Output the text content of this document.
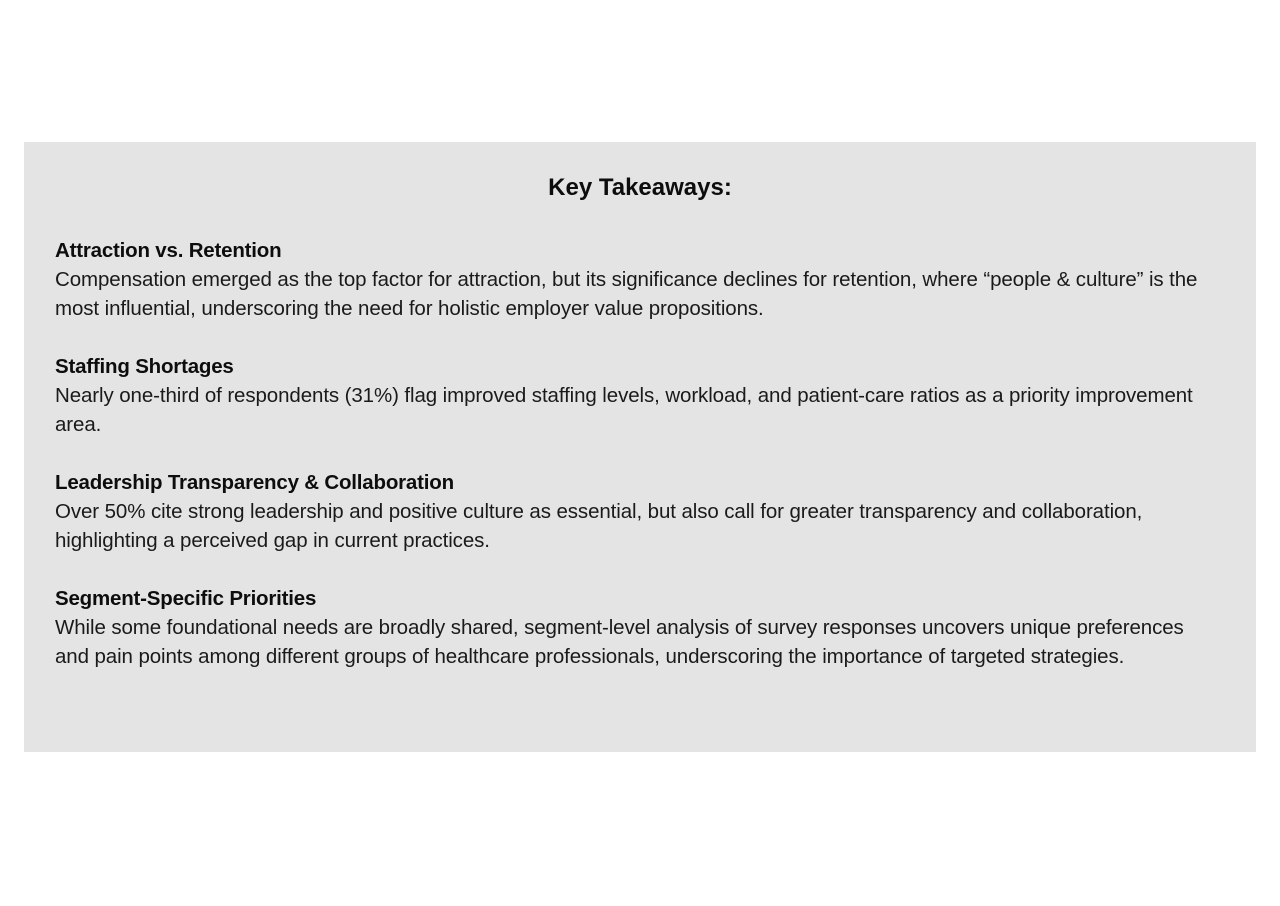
Key Takeaways:
Attraction vs. Retention
Compensation emerged as the top factor for attraction, but its significance declines for retention, where “people & culture” is the most influential, underscoring the need for holistic employer value propositions.
Staffing Shortages
Nearly one-third of respondents (31%) flag improved staffing levels, workload, and patient-care ratios as a priority improvement area.
Leadership Transparency & Collaboration
Over 50% cite strong leadership and positive culture as essential, but also call for greater transparency and collaboration, highlighting a perceived gap in current practices.
Segment-Specific Priorities
While some foundational needs are broadly shared, segment-level analysis of survey responses uncovers unique preferences and pain points among different groups of healthcare professionals, underscoring the importance of targeted strategies.
